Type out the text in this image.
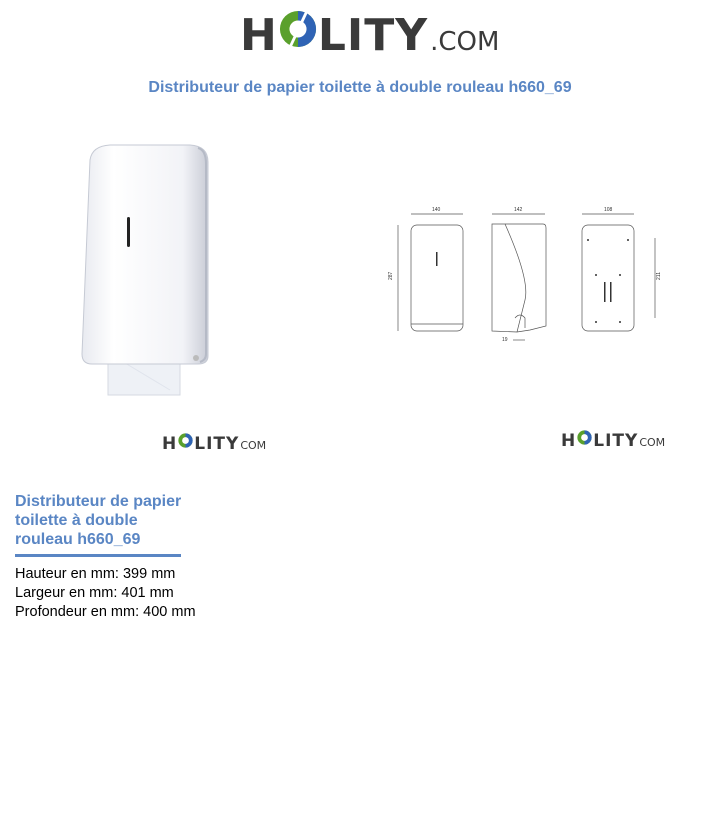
H LITY .COM
Distributeur de papier toilette à double rouleau h660_69
140	142	108
287	211
19
H LITY COM	H LITY COM
Distributeur de papier toilette à double rouleau h660_69
Hauteur en mm: 399 mm
Largeur en mm: 401 mm
Profondeur en mm: 400 mm
